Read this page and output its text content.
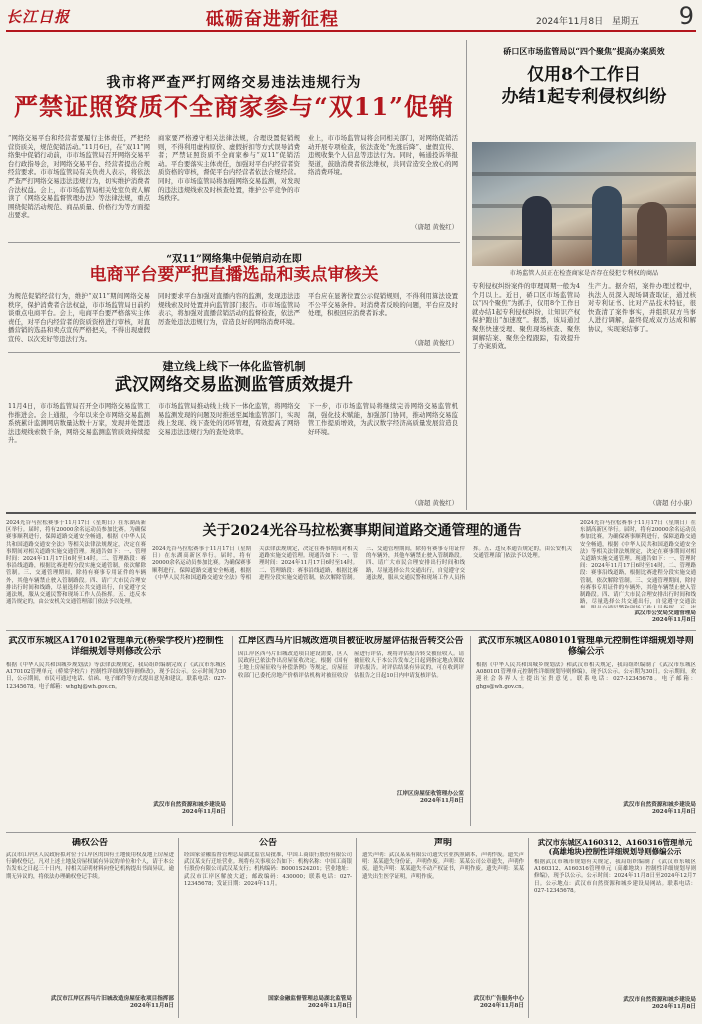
长江日报	砥砺奋进新征程	2024年11月8日 星期五 9
我市将严查严打网络交易违法违规行为
严禁证照资质不全商家参与“双11”促销
“网络交易平台和经营者要履行主体责任，严把经营资质关，规范促销活动。”11月6日，在“双11”网络集中促销行动前，市市场监管局召开网络交易平台行政指导会，对网络交易平台、经营者提出合规经营要求。市市场监管局有关负责人表示，将依法严查严打网络交易违法违规行为，切实维护消费者合法权益。会上，市市场监管局相关处室负责人解读了《网络交易监督管理办法》等法律法规，重点围绕促销活动规范、商品质量、价格行为等方面提出要求。
商家要严格遵守相关法律法规，合理设置促销规则，不得利用虚构原价、虚假折扣等方式误导消费者；严禁证照资质不全商家参与“双11”促销活动。平台要落实主体责任，加强对平台内经营者资质资格的审核，督促平台内经营者依法合规经营。同时，市市场监管局将加强网络交易监测，对发现的违法违规线索及时核查处置，维护公平竞争的市场秩序。
业上，市市场监管局将会同相关部门，对网络促销活动开展专项检查，依法查处“先涨后降”、虚假宣传、违规收集个人信息等违法行为。同时，畅通投诉举报渠道，鼓励消费者依法维权，共同营造安全放心的网络消费环境。
（唐超 黄俊红）
硚口区市场监管局以“四个聚焦”提高办案质效
仅用8个工作日
办结1起专利侵权纠纷
市场监管人员正在检查商家是否存在侵犯专利权的商品
专利侵权纠纷案件的审理周期一般为4个月以上。近日，硚口区市场监管局以“四个聚焦”为抓手，仅用8个工作日就办结1起专利侵权纠纷，让知识产权保护跑出“加速度”。据悉，该局通过聚焦快速受理、聚焦现场核查、聚焦调解结案、聚焦全程跟踪，有效提升了办案质效。
生产力。据介绍，案件办理过程中，执法人员深入现场调查取证，通过核对专利证书、比对产品技术特征，很快查清了案件事实，并组织双方当事人进行调解，最终促成双方达成和解协议，实现案结事了。
（唐超 付小康）
“双11”网络集中促销启动在即
电商平台要严把直播选品和卖点审核关
为规范促销经营行为，维护“双11”期间网络交易秩序，保护消费者合法权益，市市场监管局日前约谈重点电商平台。会上，电商平台要严格落实主体责任，对平台内经营者的资质资格进行审核，对直播营销的选品和卖点宣传严格把关，不得出现虚假宣传、以次充好等违法行为。
同时要求平台加强对直播内容的监测，发现违法违规线索及时处置并向监管部门报告。市市场监管局表示，将加强对直播营销活动的监督检查，依法严厉查处违法违规行为，营造良好的网络消费环境。
平台应在显著位置公示促销规则，不得利用算法设置不公平交易条件。对消费者反映的问题，平台应及时处理，积极回应消费者诉求。
（唐超 黄俊红）
建立线上线下一体化监管机制
武汉网络交易监测监管质效提升
11月4日，市市场监管局召开全市网络交易监管工作推进会。会上通报，今年以来全市网络交易监测系统累计监测网店数量达数十万家，发现并处置违法违规线索数千条，网络交易监测监管质效持续提升。
市市场监管局推动线上线下一体化监管，将网络交易监测发现的问题及时推送至属地监管部门，实现线上发现、线下查处的闭环管理，有效提高了网络交易违法违规行为的查处效率。
下一步，市市场监管局将继续完善网络交易监管机制，强化技术赋能，加强部门协同，推动网络交易监管工作提质增效，为武汉数字经济高质量发展营造良好环境。
（唐超 黄俊红）
2024光谷马拉松赛事于11月17日（星期日）在东湖高新区举行。届时，将有20000余名运动员参加比赛。为确保赛事顺利进行，保障道路交通安全畅通，根据《中华人民共和国道路交通安全法》等相关法律法规规定，决定在赛事期间对相关道路实施交通管理。现通告如下：一、管理时间：2024年11月17日6时至14时。二、管理路段：赛事沿线道路，根据比赛进程分段实施交通管制，依次解除管制。三、交通管理期间，除持有赛事专用证件的车辆外，其他车辆禁止驶入管制路段。四、请广大市民合理安排出行时间和线路，尽量选择公共交通出行，自觉遵守交通法规，服从交通民警和现场工作人员指挥。五、违反本通告规定的，由公安机关交通管理部门依法予以处理。
关于2024光谷马拉松赛事期间道路交通管理的通告
2024光谷马拉松赛事于11月17日（星期日）在东湖高新区举行。届时，将有20000余名运动员参加比赛。为确保赛事顺利进行，保障道路交通安全畅通，根据《中华人民共和国道路交通安全法》等相关法律法规规定，决定在赛事期间对相关道路实施交通管理。现通告如下：一、管理时间：2024年11月17日6时至14时。二、管理路段：赛事沿线道路，根据比赛进程分段实施交通管制，依次解除管制。三、交通管理期间，除持有赛事专用证件的车辆外，其他车辆禁止驶入管制路段。四、请广大市民合理安排出行时间和线路，尽量选择公共交通出行，自觉遵守交通法规，服从交通民警和现场工作人员指挥。五、违反本通告规定的，由公安机关交通管理部门依法予以处理。
2024光谷马拉松赛事于11月17日（星期日）在东湖高新区举行。届时，将有20000余名运动员参加比赛。为确保赛事顺利进行，保障道路交通安全畅通，根据《中华人民共和国道路交通安全法》等相关法律法规规定，决定在赛事期间对相关道路实施交通管理。现通告如下：一、管理时间：2024年11月17日6时至14时。二、管理路段：赛事沿线道路，根据比赛进程分段实施交通管制，依次解除管制。三、交通管理期间，除持有赛事专用证件的车辆外，其他车辆禁止驶入管制路段。四、请广大市民合理安排出行时间和线路，尽量选择公共交通出行，自觉遵守交通法
武汉市公安局交通管理局
2024年11月8日
武汉市东城区A170102管理单元(桥梁学校片)控制性详细规划导则修改公示
根据《中华人民共和国城乡规划法》等法律法规规定，我局组织编制完成了《武汉市东城区A170102管理单元（桥梁学校片）控制性详细规划导则修改》，现予以公示。公示时间为30日，公示期间，市民可通过电话、信函、电子邮件等方式提出意见和建议。联系电话：027-12345678。电子邮箱：whghj@wh.gov.cn。
武汉市自然资源和城乡建设局
2024年11月8日
江岸区西马片旧城改造项目被征收房屋评估报告转交公告
因江岸区西马片旧城改造项目建设需要，区人民政府已依法作出房屋征收决定。根据《国有土地上房屋征收与补偿条例》等规定，房屋征收部门已委托房地产价格评估机构对被征收房屋进行评估，现将评估报告转交被征收人。请被征收人于本公告发布之日起到指定地点领取评估报告。对评估结果有异议的，可在收到评估报告之日起10日内申请复核评估。
江岸区房屋征收管理办公室
2024年11月8日
武汉市东城区A080101管理单元控制性详细规划导则修编公示
根据《中华人民共和国城乡规划法》和武汉市相关规定，我局组织编制了《武汉市东城区A080101管理单元控制性详细规划导则修编》，现予以公示。公示期为30日。公示期间，欢迎社会各界人士提出宝贵意见。联系电话：027-12345678。电子邮箱：ghgs@wh.gov.cn。
武汉市自然资源和城乡建设局
2024年11月8日
确权公告
武汉市江岸区人民政府拟对位于江岸区的国有土地使用权及地上房屋进行确权登记。凡对上述土地及房屋权属有异议的单位和个人，请于本公告发布之日起三十日内，持相关证明材料向登记机构提出书面异议。逾期无异议的，将依法办理确权登记手续。
武汉市江岸区西马片旧城改造房屋征收项目指挥部
2024年11月8日
公告
经国家金融监督管理总局湖北监管局批准，中国工商银行股份有限公司武汉某支行迁址营业。现将有关事项公告如下：机构名称：中国工商银行股份有限公司武汉某支行；机构编码：B0001S24201；营业地址：武汉市江岸区解放大道；邮政编码：430000；联系电话：027-12345678；发证日期：2024年11月。
国家金融监督管理总局湖北监管局
2024年11月8日
声明
遗失声明：武汉某某有限公司遗失营业执照副本，声明作废。遗失声明：某某遗失身份证，声明作废。声明：某某公司公章遗失，声明作废。遗失声明：某某遗失不动产权证书，声明作废。遗失声明：某某遗失出生医学证明，声明作废。
武汉市广告服务中心
2024年11月8日
武汉市东城区A160312、A160316管理单元(高雄地块)控制性详细规划导则修编公示
根据武汉市城市规划有关规定，我局组织编制了《武汉市东城区A160312、A160316管理单元（高雄地块）控制性详细规划导则修编》，现予以公示。公示时间：2024年11月8日至2024年12月7日。公示地点：武汉市自然资源和城乡建设局网站。联系电话：027-12345678。
武汉市自然资源和城乡建设局
2024年11月8日
